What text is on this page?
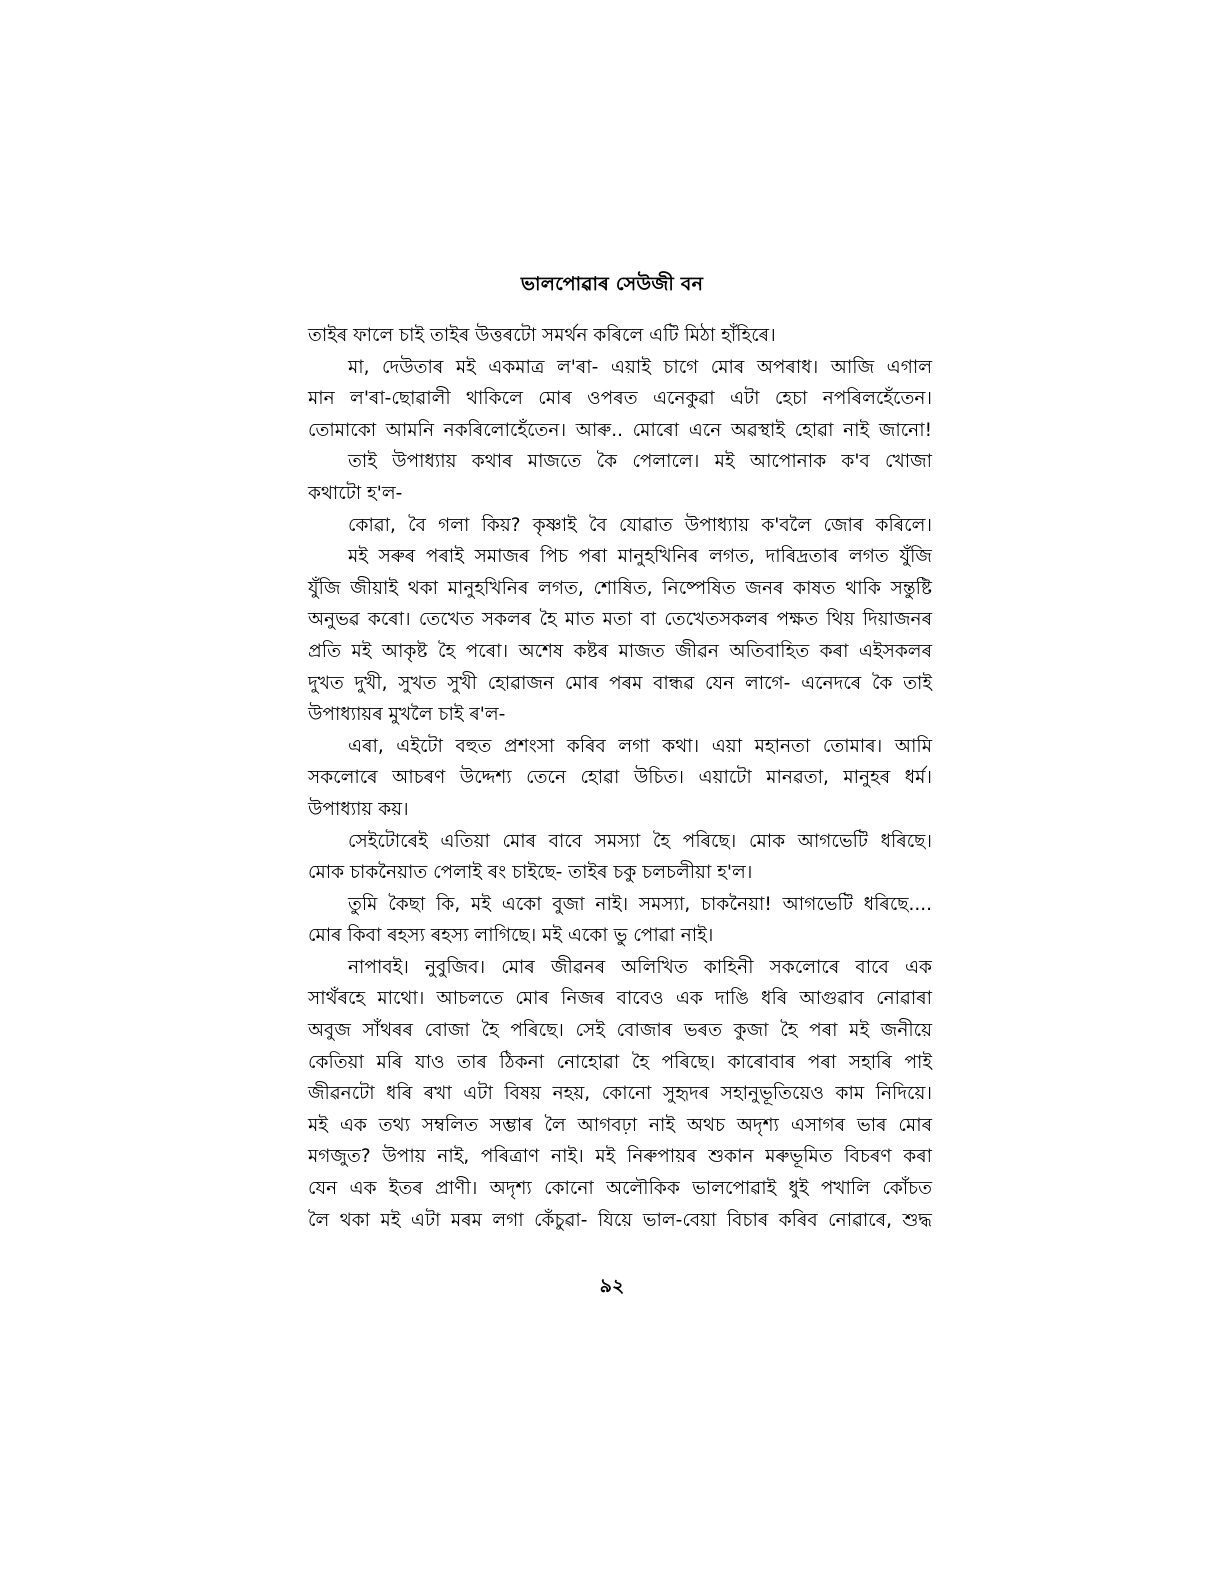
ভালপোৱাৰ সেউজী বন
তাইৰ ফালে চাই তাইৰ উত্তৰটো সমৰ্থন কৰিলে এটি মিঠা হাঁহিৰে।
মা, দেউতাৰ মই একমাত্ৰ ল'ৰা- এয়াই চাগে মোৰ অপৰাধ। আজি এগাল
মান ল'ৰা-ছোৱালী থাকিলে মোৰ ওপৰত এনেকুৱা এটা হেচা নপৰিলহেঁতেন।
তোমাকো আমনি নকৰিলোহেঁতেন। আৰু.. মোৰো এনে অৱস্থাই হোৱা নাই জানো!
তাই উপাধ্যায় কথাৰ মাজতে কৈ পেলালে। মই আপোনাক ক'ব খোজা
কথাটো হ'ল-
কোৱা, বৈ গলা কিয়? কৃষ্ণাই বৈ যোৱাত উপাধ্যায় ক'বলৈ জোৰ কৰিলে।
মই সৰুৰ পৰাই সমাজৰ পিচ পৰা মানুহখিনিৰ লগত, দাৰিদ্ৰতাৰ লগত যুঁজি
যুঁজি জীয়াই থকা মানুহখিনিৰ লগত, শোষিত, নিষ্পেষিত জনৰ কাষত থাকি সন্তুষ্টি
অনুভৱ কৰো। তেখেত সকলৰ হৈ মাত মতা বা তেখেতসকলৰ পক্ষত থিয় দিয়াজনৰ
প্ৰতি মই আকৃষ্ট হৈ পৰো। অশেষ কষ্টৰ মাজত জীৱন অতিবাহিত কৰা এইসকলৰ
দুখত দুখী, সুখত সুখী হোৱাজন মোৰ পৰম বান্ধৱ যেন লাগে- এনেদৰে কৈ তাই
উপাধ্যায়ৰ মুখলৈ চাই ৰ'ল-
এৰা, এইটো বহুত প্ৰশংসা কৰিব লগা কথা। এয়া মহানতা তোমাৰ। আমি
সকলোৰে আচৰণ উদ্দেশ্য তেনে হোৱা উচিত। এয়াটো মানৱতা, মানুহৰ ধৰ্ম।
উপাধ্যায় কয়।
সেইটোৰেই এতিয়া মোৰ বাবে সমস্যা হৈ পৰিছে। মোক আগভেটি ধৰিছে।
মোক চাকনৈয়াত পেলাই ৰং চাইছে- তাইৰ চকু চলচলীয়া হ'ল।
তুমি কৈছা কি, মই একো বুজা নাই। সমস্যা, চাকনৈয়া! আগভেটি ধৰিছে....
মোৰ কিবা ৰহস্য ৰহস্য লাগিছে। মই একো ভু পোৱা নাই।
নাপাবই। নুবুজিব। মোৰ জীৱনৰ অলিখিত কাহিনী সকলোৰে বাবে এক
সাথঁৰহে মাথো। আচলতে মোৰ নিজৰ বাবেও এক দাঙি ধৰি আগুৱাব নোৱাৰা
অবুজ সাঁথৰৰ বোজা হৈ পৰিছে। সেই বোজাৰ ভৰত কুজা হৈ পৰা মই জনীয়ে
কেতিয়া মৰি যাও তাৰ ঠিকনা নোহোৱা হৈ পৰিছে। কাৰোবাৰ পৰা সহাৰি পাই
জীৱনটো ধৰি ৰখা এটা বিষয় নহয়, কোনো সুহৃদৰ সহানুভূতিয়েও কাম নিদিয়ে।
মই এক তথ্য সম্বলিত সম্ভাৰ লৈ আগবঢ়া নাই অথচ অদৃশ্য এসাগৰ ভাৰ মোৰ
মগজুত? উপায় নাই, পৰিত্ৰাণ নাই। মই নিৰুপায়ৰ শুকান মৰুভূমিত বিচৰণ কৰা
যেন এক ইতৰ প্ৰাণী। অদৃশ্য কোনো অলৌকিক ভালপোৱাই ধুই পখালি কোঁচত
লৈ থকা মই এটা মৰম লগা কেঁচুৱা- যিয়ে ভাল-বেয়া বিচাৰ কৰিব নোৱাৰে, শুদ্ধ
৯২
